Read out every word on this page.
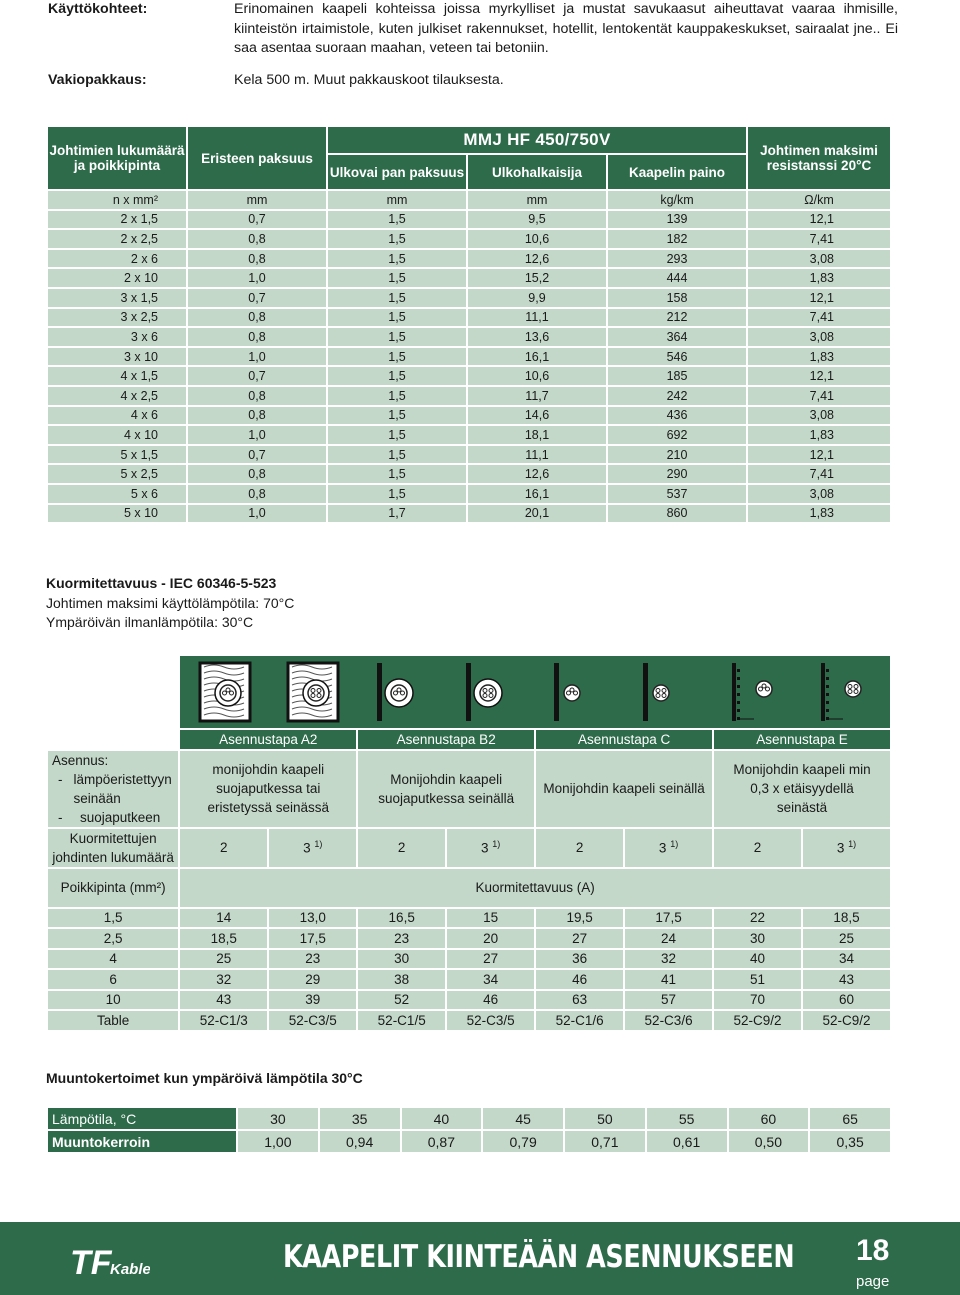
Käyttökohteet:	Erinomainen kaapeli kohteissa joissa myrkylliset ja mustat savukaasut aiheuttavat vaaraa ihmisille, kiinteistön irtaimistole, kuten julkiset rakennukset, hotellit, lentokentät kauppakeskukset, sairaalat jne.. Ei saa asentaa suoraan maahan, veteen tai betoniin.
Vakiopakkaus:	Kela 500 m. Muut pakkauskoot tilauksesta.
Johtimien lukumäärä ja poikkipinta	Eristeen paksuus	MMJ HF 450/750V			Johtimen maksimi resistanssi 20°C
		Ulkovai pan paksuus	Ulkohalkaisija	Kaapelin paino	
n x mm²	mm	mm	mm	kg/km	Ω/km
2 x 1,5	0,7	1,5	9,5	139	12,1
2 x 2,5	0,8	1,5	10,6	182	7,41
2 x 6	0,8	1,5	12,6	293	3,08
2 x 10	1,0	1,5	15,2	444	1,83
3 x 1,5	0,7	1,5	9,9	158	12,1
3 x 2,5	0,8	1,5	11,1	212	7,41
3 x 6	0,8	1,5	13,6	364	3,08
3 x 10	1,0	1,5	16,1	546	1,83
4 x 1,5	0,7	1,5	10,6	185	12,1
4 x 2,5	0,8	1,5	11,7	242	7,41
4 x 6	0,8	1,5	14,6	436	3,08
4 x 10	1,0	1,5	18,1	692	1,83
5 x 1,5	0,7	1,5	11,1	210	12,1
5 x 2,5	0,8	1,5	12,6	290	7,41
5 x 6	0,8	1,5	16,1	537	3,08
5 x 10	1,0	1,7	20,1	860	1,83
Kuormitettavuus - IEC 60346-5-523
Johtimen maksimi käyttölämpötila: 70°C
Ympäröivän ilmanlämpötila: 30°C

	Asennustapa A2		Asennustapa B2		Asennustapa C		Asennustapa E	

Asennus:
- lämpöeristettyyn seinään
- suojaputkeen	monijohdin kaapeli suojaputkessa tai eristetyssä seinässä		Monijohdin kaapeli suojaputkessa seinällä		Monijohdin kaapeli seinällä		Monijohdin kaapeli min 0,3 x etäisyydellä seinästä	
Kuormitettujen johdinten lukumäärä	2	3 $^{1)}$	2	3 $^{1)}$	2	3 $^{1)}$	2	3 $^{1)}$
Poikkipinta (mm²)	Kuormitettavuus (A)							
1,5	14	13,0	16,5	15	19,5	17,5	22	18,5
2,5	18,5	17,5	23	20	27	24	30	25
4	25	23	30	27	36	32	40	34
6	32	29	38	34	46	41	51	43
10	43	39	52	46	63	57	70	60
Table	52-C1/3	52-C3/5	52-C1/5	52-C3/5	52-C1/6	52-C3/6	52-C9/2	52-C9/2
Muuntokertoimet kun ympäröivä lämpötila 30°C
Lämpötila, °C	30	35	40	45	50	55	60	65
Muuntokerroin	1,00	0,94	0,87	0,79	0,71	0,61	0,50	0,35
TF
Kable	KAAPELIT KIINTEÄÄN ASENNUKSEEN 18
page
